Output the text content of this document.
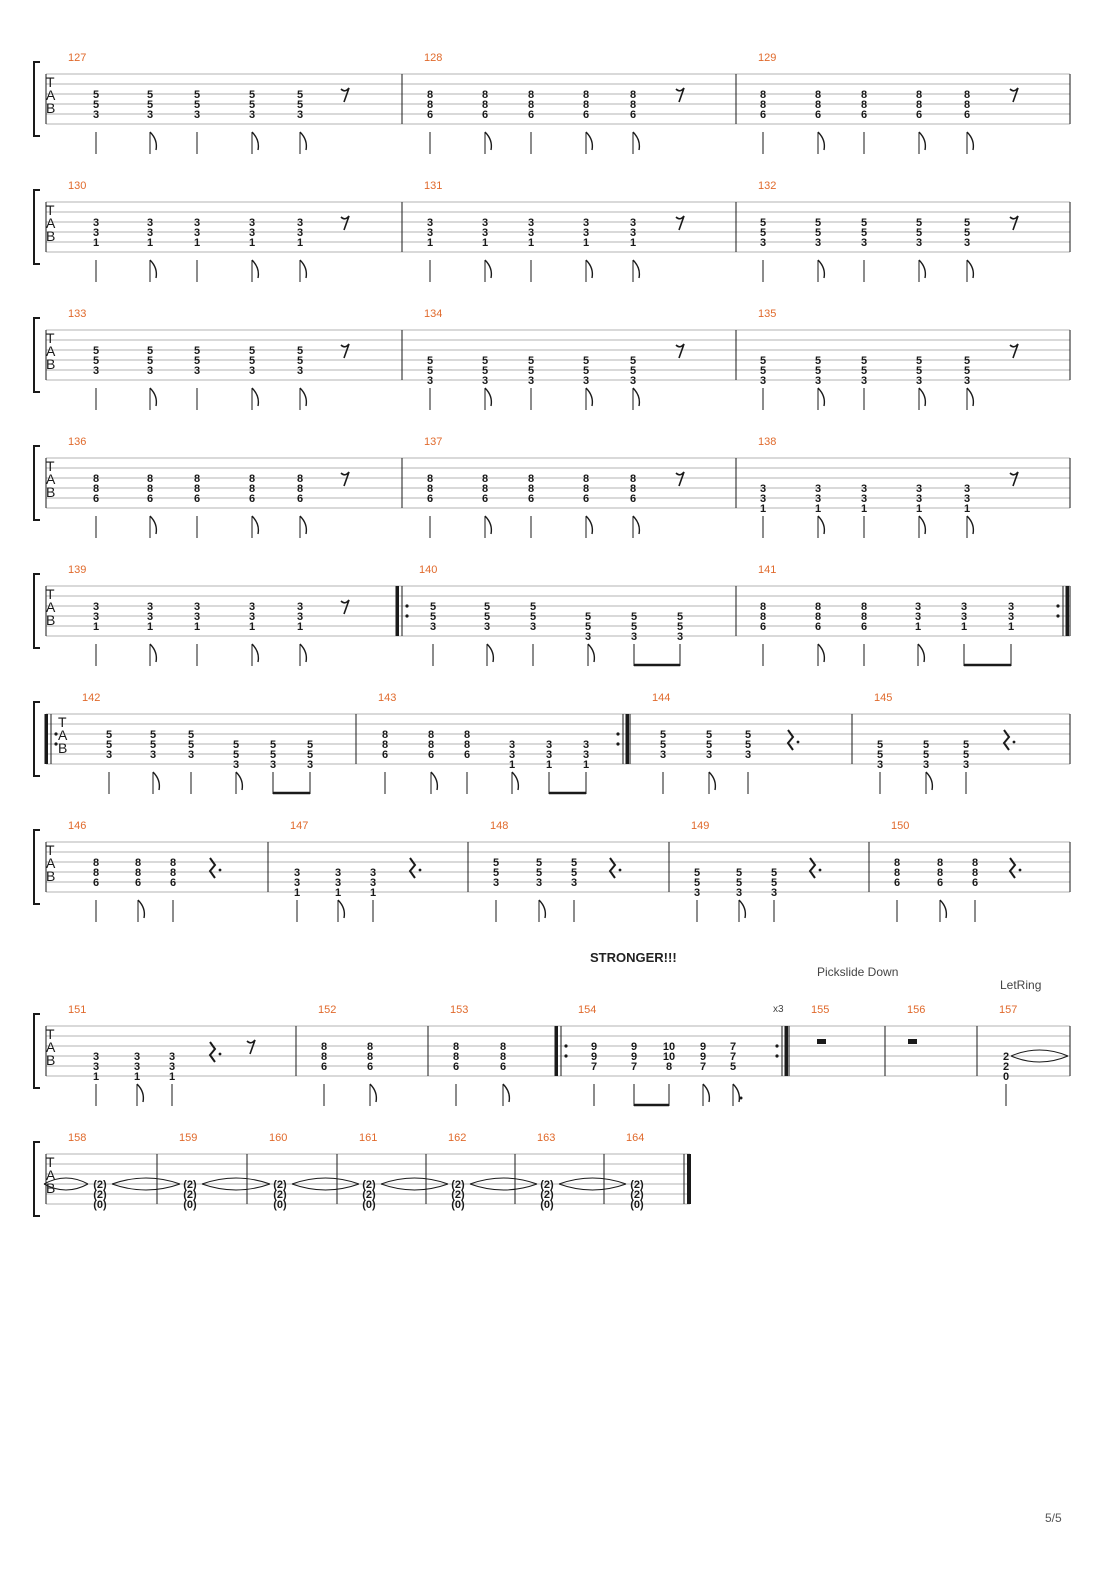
T
A
B
127
5
5
3
5
5
3
5
5
3
5
5
3
5
5
3
128
8
8
6
8
8
6
8
8
6
8
8
6
8
8
6
129
8
8
6
8
8
6
8
8
6
8
8
6
8
8
6
T
A
B
130
3
3
1
3
3
1
3
3
1
3
3
1
3
3
1
131
3
3
1
3
3
1
3
3
1
3
3
1
3
3
1
132
5
5
3
5
5
3
5
5
3
5
5
3
5
5
3
T
A
B
133
5
5
3
5
5
3
5
5
3
5
5
3
5
5
3
134
5
5
3
5
5
3
5
5
3
5
5
3
5
5
3
135
5
5
3
5
5
3
5
5
3
5
5
3
5
5
3
T
A
B
136
8
8
6
8
8
6
8
8
6
8
8
6
8
8
6
137
8
8
6
8
8
6
8
8
6
8
8
6
8
8
6
138
3
3
1
3
3
1
3
3
1
3
3
1
3
3
1
T
A
B
139
3
3
1
3
3
1
3
3
1
3
3
1
3
3
1
140
5
5
3
5
5
3
5
5
3
5
5
3
5
5
3
5
5
3
141
8
8
6
8
8
6
8
8
6
3
3
1
3
3
1
3
3
1
T
A
B
142
5
5
3
5
5
3
5
5
3
5
5
3
5
5
3
5
5
3
143
8
8
6
8
8
6
8
8
6
3
3
1
3
3
1
3
3
1
144
5
5
3
5
5
3
5
5
3
145
5
5
3
5
5
3
5
5
3
T
A
B
146
8
8
6
8
8
6
8
8
6
147
3
3
1
3
3
1
3
3
1
148
5
5
3
5
5
3
5
5
3
149
5
5
3
5
5
3
5
5
3
150
8
8
6
8
8
6
8
8
6
T
A
B
151
3
3
1
3
3
1
3
3
1
152
8
8
6
8
8
6
153
8
8
6
8
8
6
154
9
9
7
9
9
7
10
10
8
9
9
7
7
7
5
155	156	157
2
2
0
T
A
B
158
(2)
(2)
(0)
159
(2)
(2)
(0)
160
(2)
(2)
(0)
161
(2)
(2)
(0)
162
(2)
(2)
(0)
163
(2)
(2)
(0)
164
(2)
(2)
(0)
STRONGER!!!
Pickslide Down
LetRing
x3
5/5
